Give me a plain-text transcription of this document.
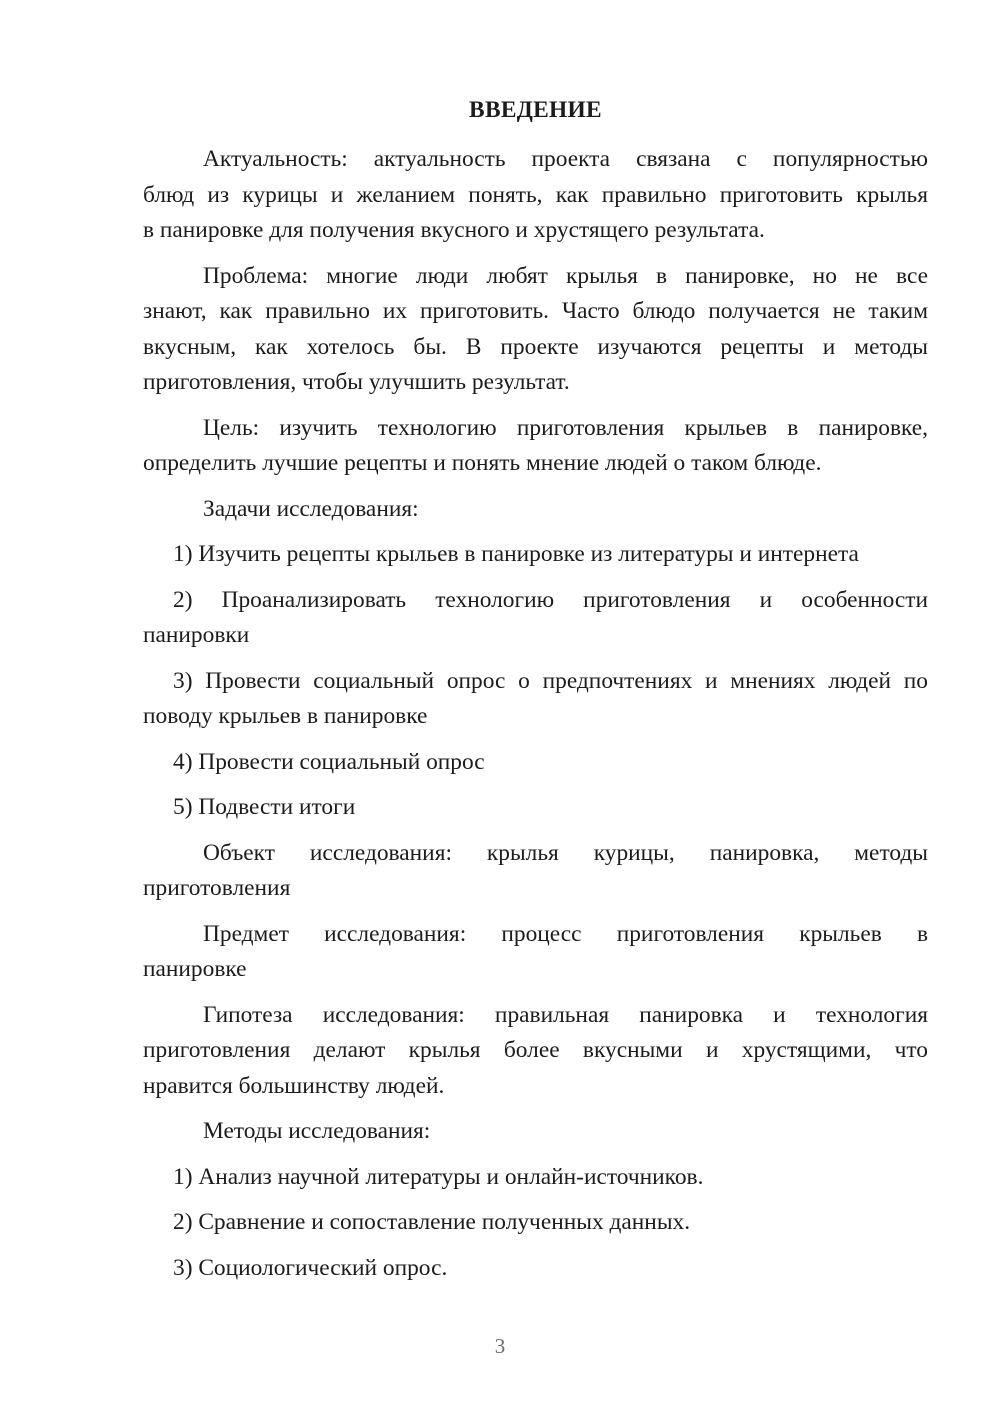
ВВЕДЕНИЕ

Актуальность: актуальность проекта связана с популярностью
блюд из курицы и желанием понять, как правильно приготовить крылья
в панировке для получения вкусного и хрустящего результата.

Проблема: многие люди любят крылья в панировке, но не все
знают, как правильно их приготовить. Часто блюдо получается не таким
вкусным, как хотелось бы. В проекте изучаются рецепты и методы
приготовления, чтобы улучшить результат.

Цель: изучить технологию приготовления крыльев в панировке,
определить лучшие рецепты и понять мнение людей о таком блюде.

Задачи исследования:

1) Изучить рецепты крыльев в панировке из литературы и интернета

2) Проанализировать технологию приготовления и особенности
панировки

3) Провести социальный опрос о предпочтениях и мнениях людей по
поводу крыльев в панировке

4) Провести социальный опрос

5) Подвести итоги

Объект исследования: крылья курицы, панировка, методы
приготовления

Предмет исследования: процесс приготовления крыльев в
панировке

Гипотеза исследования: правильная панировка и технология
приготовления делают крылья более вкусными и хрустящими, что
нравится большинству людей.

Методы исследования:

1) Анализ научной литературы и онлайн-источников.

2) Сравнение и сопоставление полученных данных.

3) Социологический опрос.

3
